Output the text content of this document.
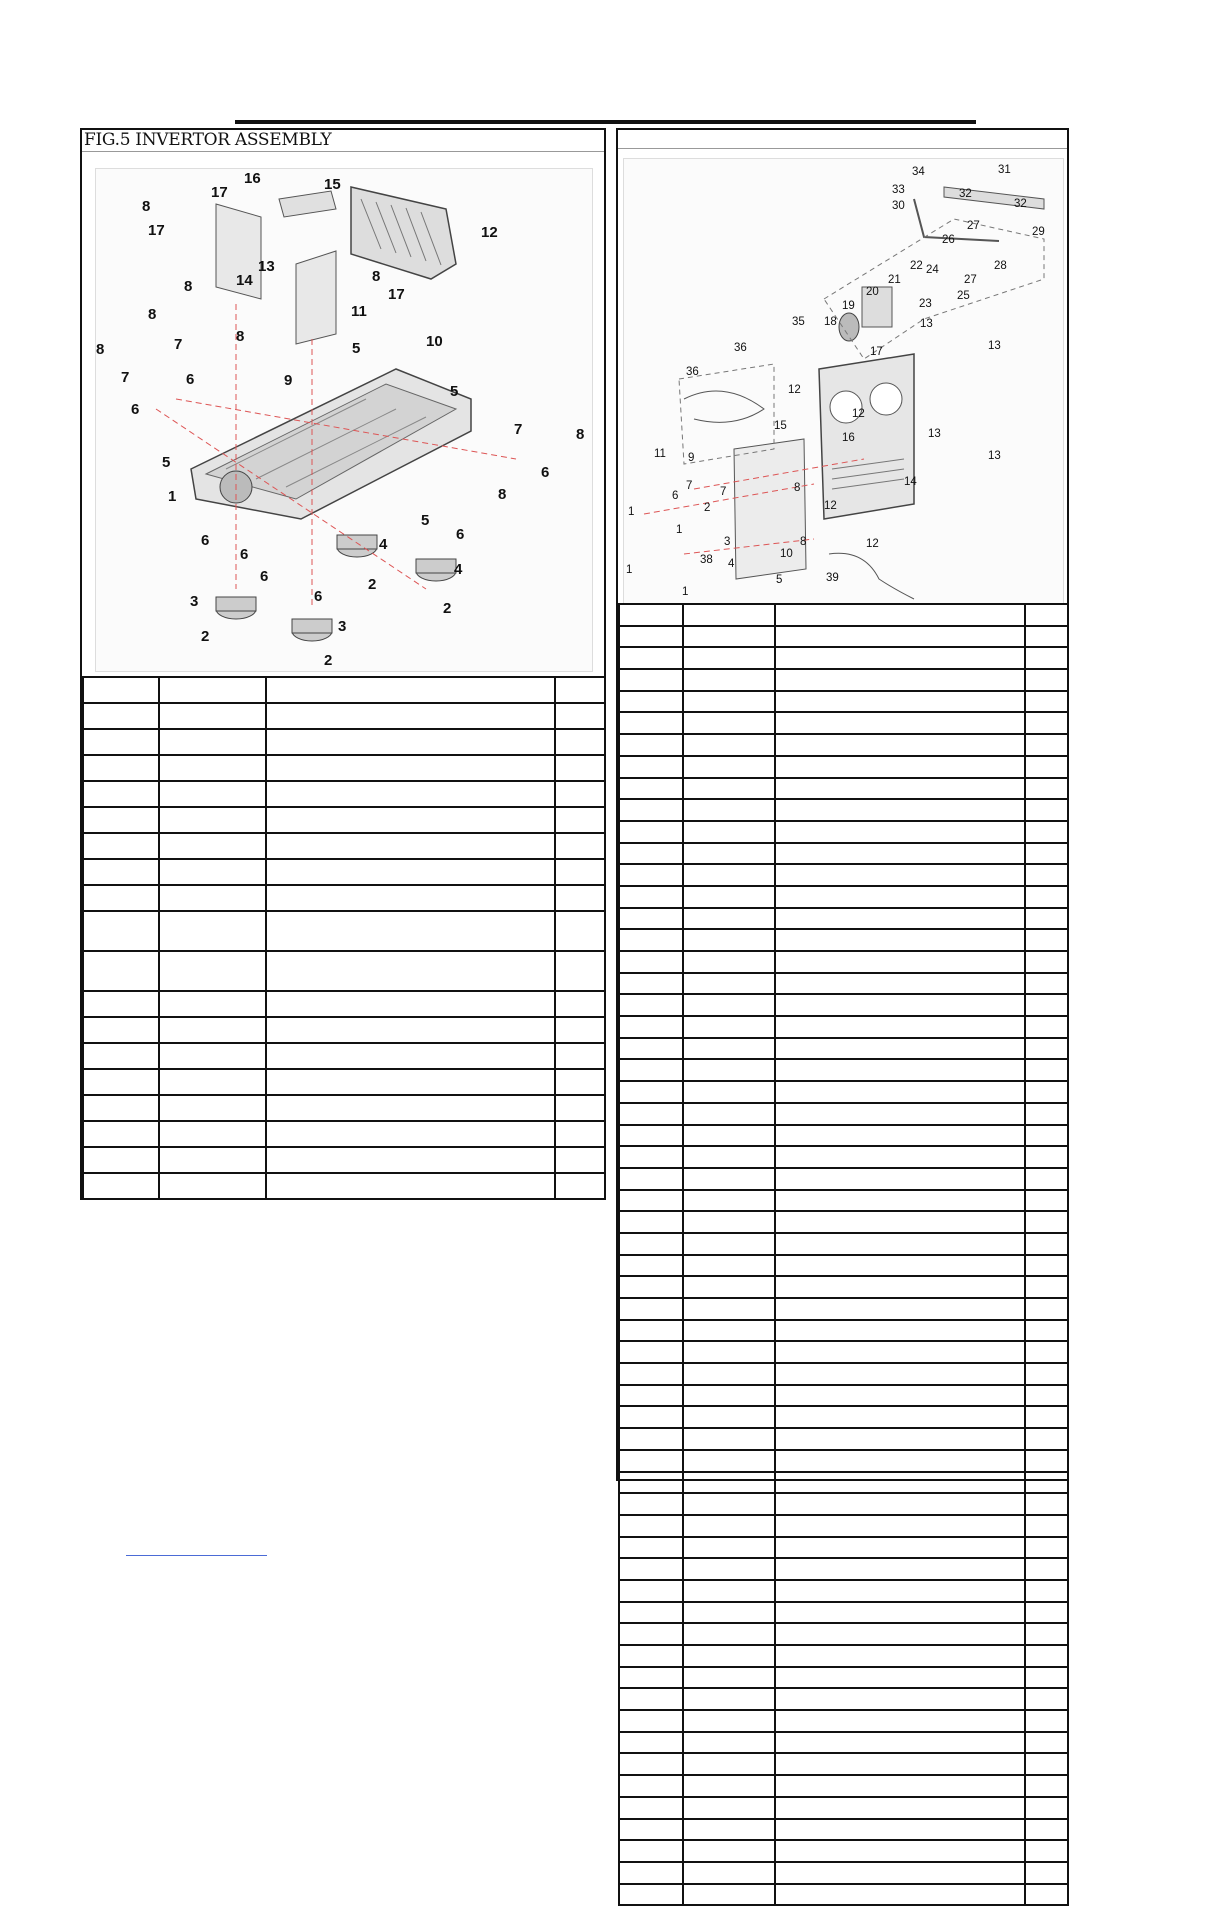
FIG.5 INVERTOR ASSEMBLY
16	15
17
8
12
17
13
14	8
17
8
8	11
8
8	10
7	5
7	6	9
5
6
7	8
5
6
1	8
5
6
6
6
4
6
6
2
3
3
4
2
2
2

34	31
33	32
30	32
27	29
26
28
22 24
27
21
25
20
23
19
35 18	13
17
36	13
36
12
12
15
13
16
11 9	13
14
7
6
8
7
12
1	2
1
3
10
8	12
38 4
1
5	39
1
